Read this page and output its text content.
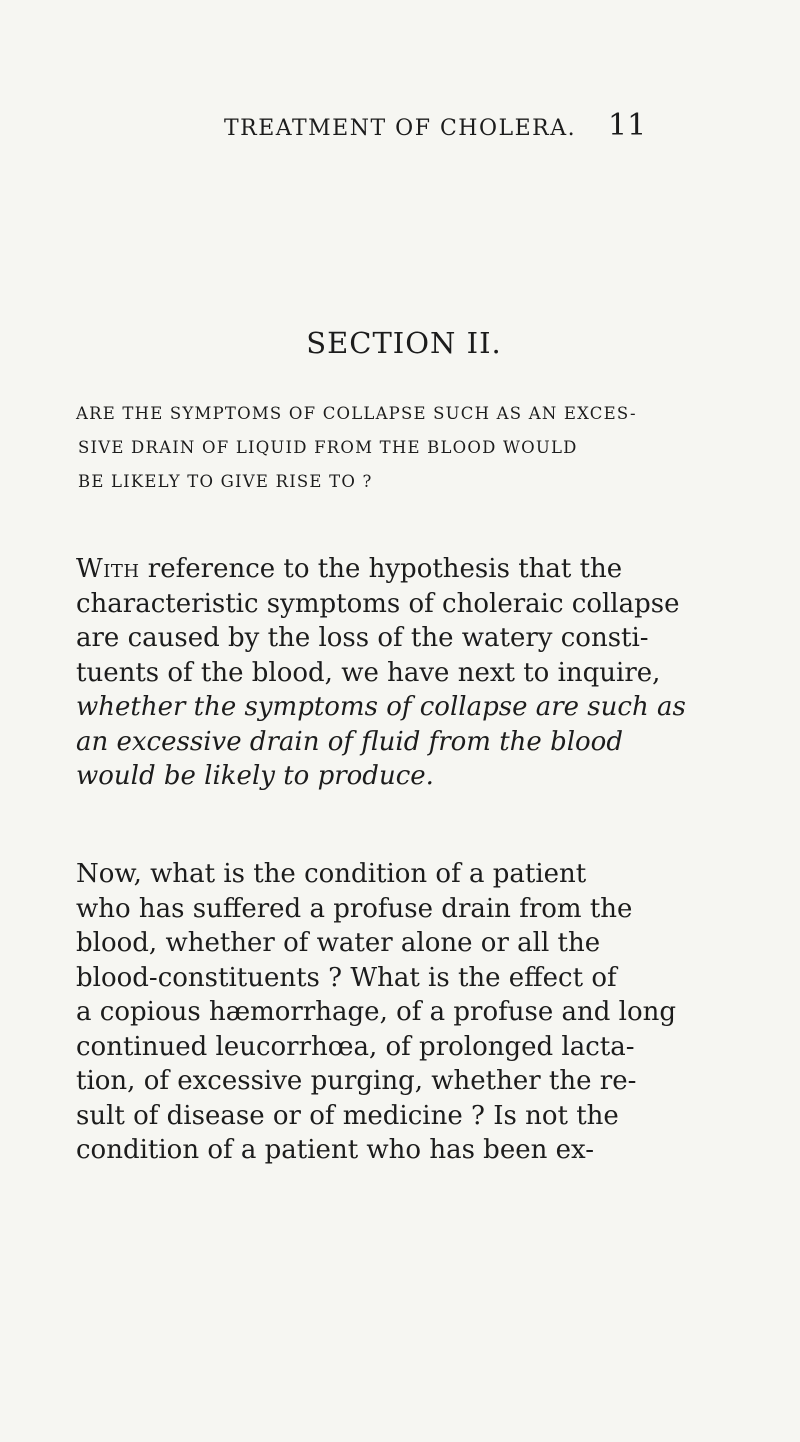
TREATMENT OF CHOLERA. 11
SECTION II.
ARE THE SYMPTOMS OF COLLAPSE SUCH AS AN EXCES-
SIVE DRAIN OF LIQUID FROM THE BLOOD WOULD
BE LIKELY TO GIVE RISE TO ?
With reference to the hypothesis that the
characteristic symptoms of choleraic collapse
are caused by the loss of the watery consti-
tuents of the blood, we have next to inquire,
whether the symptoms of collapse are such as
an excessive drain of fluid from the blood
would be likely to produce.
Now, what is the condition of a patient
who has suffered a profuse drain from the
blood, whether of water alone or all the
blood-constituents ? What is the effect of
a copious hæmorrhage, of a profuse and long
continued leucorrhœa, of prolonged lacta-
tion, of excessive purging, whether the re-
sult of disease or of medicine ? Is not the
condition of a patient who has been ex-
